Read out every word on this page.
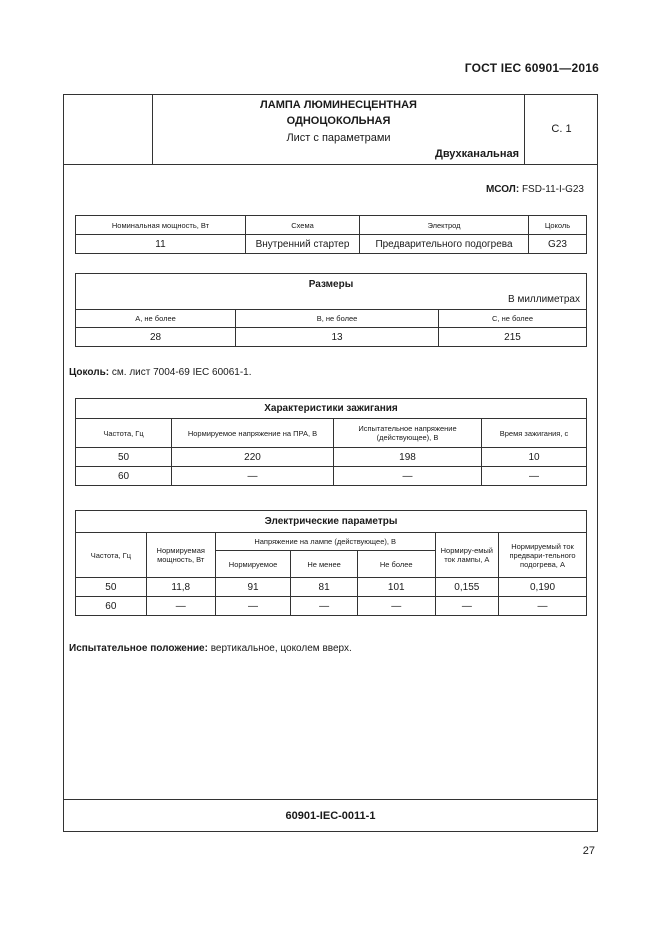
ГОСТ IEC 60901—2016
ЛАМПА ЛЮМИНЕСЦЕНТНАЯ
ОДНОЦОКОЛЬНАЯ
Лист с параметрами
Двухканальная
С. 1
МСОЛ: FSD-11-I-G23
Номинальная мощность, Вт	Схема	Электрод	Цоколь
11	Внутренний стартер	Предварительного подогрева	G23
Размеры
В миллиметрах		

A, не более	B, не более	C, не более
28	13	215
Цоколь: см. лист 7004-69 IEC 60061-1.
Характеристики зажигания			
Частота, Гц	Нормируемое напряжение на ПРА, В	Испытательное напряжение (действующее), В	Время зажигания, с
50	220	198	10
60	—	—	—
Электрические параметры						
Частота, Гц	Нормируемая мощность, Вт	Напряжение на лампе (действующее), В			Нормиру-емый ток лампы, А	Нормируемый ток предвари-тельного подогрева, А
		Нормируемое	Не менее	Не более		
50	11,8	91	81	101	0,155	0,190
60	—	—	—	—	—	—
Испытательное положение: вертикальное, цоколем вверх.
60901-IEC-0011-1
27
